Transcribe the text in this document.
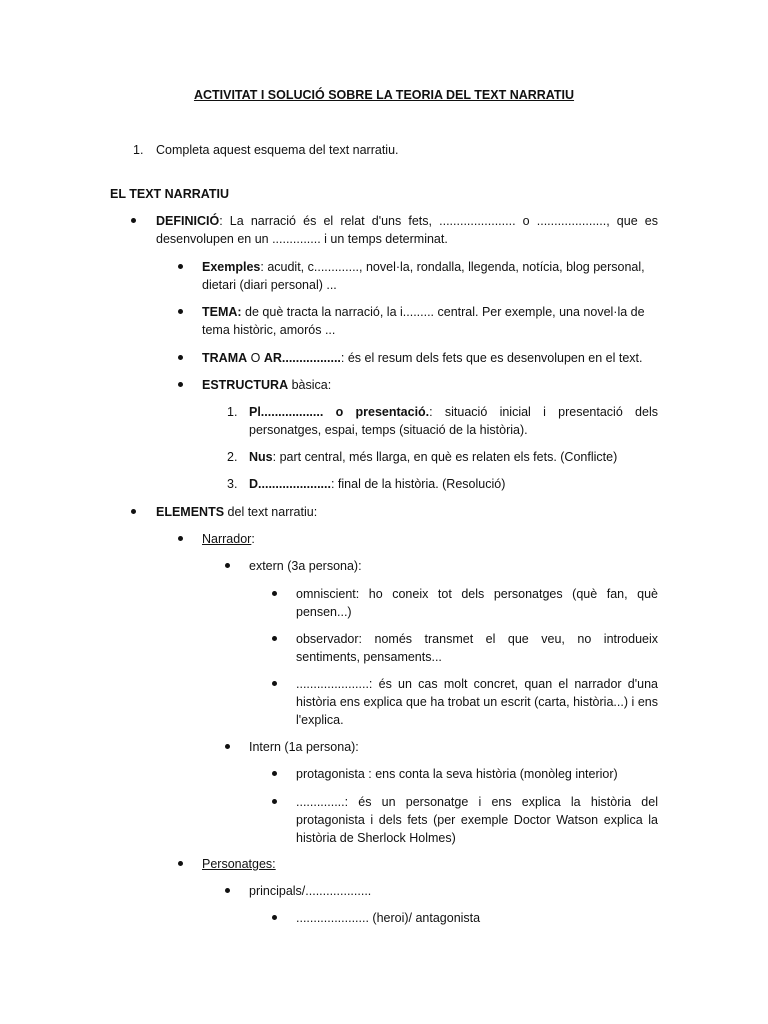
ACTIVITAT I SOLUCIÓ SOBRE LA TEORIA DEL TEXT NARRATIU
1. Completa aquest esquema del text narratiu.
EL TEXT NARRATIU
DEFINICIÓ: La narració és el relat d'uns fets, ...................... o ...................., que es desenvolupen en un .............. i un temps determinat.
Exemples: acudit, c............., novel·la, rondalla, llegenda, notícia, blog personal, dietari (diari personal) ...
TEMA: de què tracta la narració, la i......... central. Per exemple, una novel·la de tema històric, amorós ...
TRAMA O AR.................: és el resum dels fets que es desenvolupen en el text.
ESTRUCTURA bàsica:
1. Pl.................. o presentació.: situació inicial i presentació dels personatges, espai, temps (situació de la història).
2. Nus: part central, més llarga, en què es relaten els fets. (Conflicte)
3. D.....................: final de la història. (Resolució)
ELEMENTS del text narratiu:
Narrador:
extern (3a persona):
omniscient: ho coneix tot dels personatges (què fan, què pensen...)
observador: només transmet el que veu, no introdueix sentiments, pensaments...
.....................: és un cas molt concret, quan el narrador d'una història ens explica que ha trobat un escrit (carta, història...) i ens l'explica.
Intern (1a persona):
protagonista : ens conta la seva història (monòleg interior)
..............: és un personatge i ens explica la història del protagonista i dels fets (per exemple Doctor Watson explica la història de Sherlock Holmes)
Personatges:
principals/...................
..................... (heroi)/ antagonista
